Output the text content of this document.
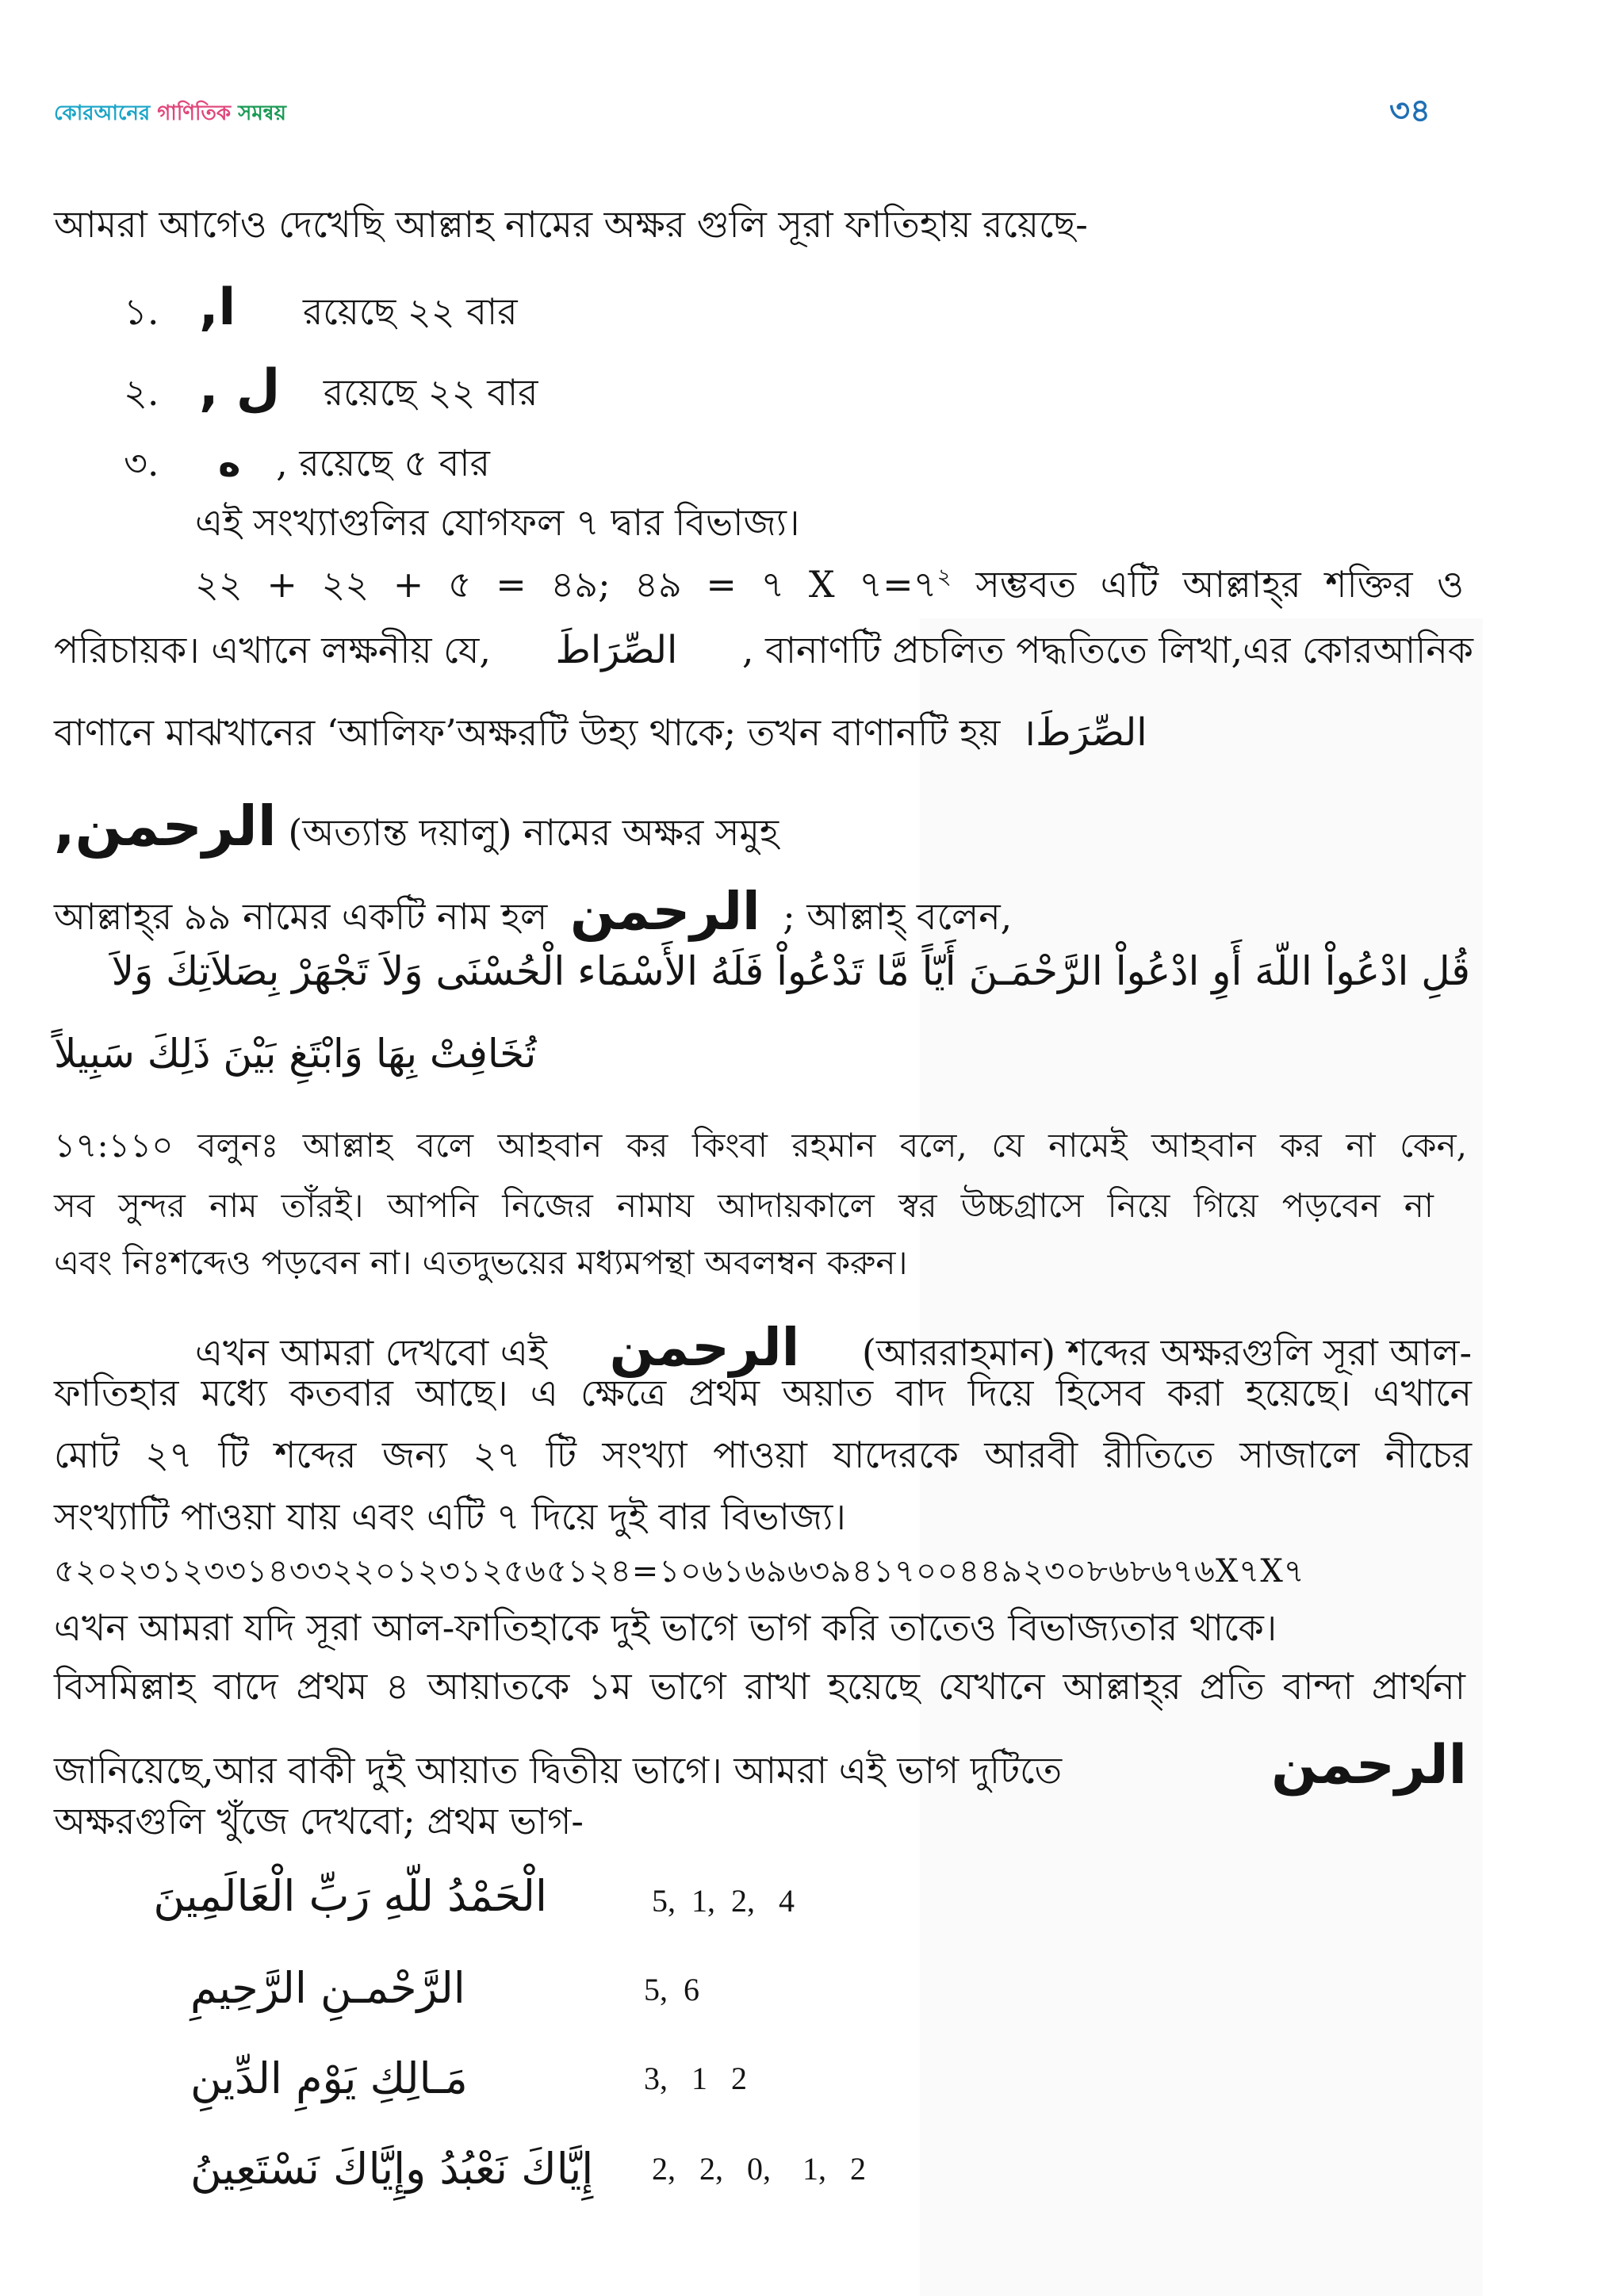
কোরআনের গাণিতিক সমন্বয়	৩৪
আমরা আগেও দেখেছি আল্লাহ নামের অক্ষর গুলি সূরা ফাতিহায় রয়েছে-
১. ا, রয়েছে ২২ বার
২. ل , রয়েছে ২২ বার
৩. ه , রয়েছে ৫ বার
এই সংখ্যাগুলির যোগফল ৭ দ্বার বিভাজ্য।
২২ + ২২ + ৫ = ৪৯; ৪৯ = ৭ X $৭=৭^২$ সম্ভবত এটি আল্লাহ্‌র শক্তির ও
পরিচায়ক। এখানে লক্ষনীয় যে, الصِّرَاطَ , বানাণটি প্রচলিত পদ্ধতিতে লিখা,এর কোরআনিক
বাণানে মাঝখানের ‘আলিফ’অক্ষরটি উহ্য থাকে; তখন বাণানটি হয় الصِّرَطَ।
الرحمن, (অত্যান্ত দয়ালু) নামের অক্ষর সমুহ
আল্লাহ্‌র ৯৯ নামের একটি নাম হল الرحمن ; আল্লাহ্‌ বলেন,
قُلِ ادْعُواْ اللّهَ أَوِ ادْعُواْ الرَّحْمَـنَ أَيّاً مَّا تَدْعُواْ فَلَهُ الأَسْمَاء الْحُسْنَى وَلاَ تَجْهَرْ بِصَلاَتِكَ وَلاَ
تُخَافِتْ بِهَا وَابْتَغِ بَيْنَ ذَلِكَ سَبِيلاً
১৭:১১০ বলুনঃ আল্লাহ বলে আহবান কর কিংবা রহমান বলে, যে নামেই আহবান কর না কেন,
সব সুন্দর নাম তাঁরই। আপনি নিজের নামায আদায়কালে স্বর উচ্চগ্রাসে নিয়ে গিয়ে পড়বেন না
এবং নিঃশব্দেও পড়বেন না। এতদুভয়ের মধ্যমপন্থা অবলম্বন করুন।
এখন আমরা দেখবো এই الرحمن (আররাহমান) শব্দের অক্ষরগুলি সূরা আল-
ফাতিহার মধ্যে কতবার আছে। এ ক্ষেত্রে প্রথম অয়াত বাদ দিয়ে হিসেব করা হয়েছে। এখানে
মোট ২৭ টি শব্দের জন্য ২৭ টি সংখ্যা পাওয়া যাদেরকে আরবী রীতিতে সাজালে নীচের
সংখ্যাটি পাওয়া যায় এবং এটি ৭ দিয়ে দুই বার বিভাজ্য।
৫২০২৩১২৩৩১৪৩৩২২০১২৩১২৫৬৫১২৪=১০৬১৬৯৬৩৯৪১৭০০৪৪৯২৩০৮৬৮৬৭৬X৭X৭
এখন আমরা যদি সূরা আল-ফাতিহাকে দুই ভাগে ভাগ করি তাতেও বিভাজ্যতার থাকে।
বিসমিল্লাহ বাদে প্রথম ৪ আয়াতকে ১ম ভাগে রাখা হয়েছে যেখানে আল্লাহ্‌র প্রতি বান্দা প্রার্থনা
জানিয়েছে,আর বাকী দুই আয়াত দ্বিতীয় ভাগে। আমরা এই ভাগ দুটিতে	الرحمن
অক্ষরগুলি খুঁজে দেখবো; প্রথম ভাগ-
الْحَمْدُ للّهِ رَبِّ الْعَالَمِينَ	5,  1,  2,   4
الرَّحْمـنِ الرَّحِيمِ	5,  6
مَـالِكِ يَوْمِ الدِّينِ	3,   1   2
إِيَّاكَ نَعْبُدُ وإِيَّاكَ نَسْتَعِينُ	2,   2,   0,    1,   2
